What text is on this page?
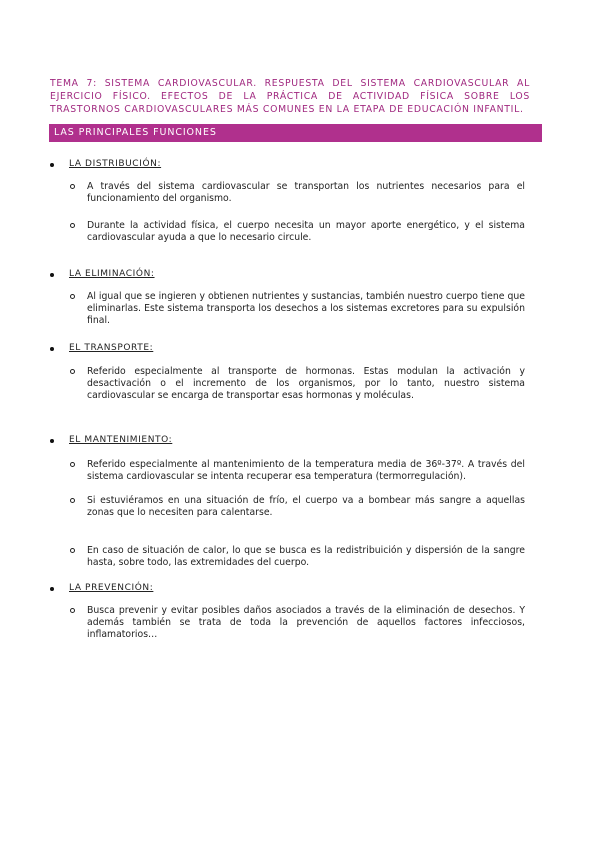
TEMA 7: SISTEMA CARDIOVASCULAR. RESPUESTA DEL SISTEMA CARDIOVASCULAR AL EJERCICIO FÍSICO. EFECTOS DE LA PRÁCTICA DE ACTIVIDAD FÍSICA SOBRE LOS TRASTORNOS CARDIOVASCULARES MÁS COMUNES EN LA ETAPA DE EDUCACIÓN INFANTIL.
LAS PRINCIPALES FUNCIONES
LA DISTRIBUCIÓN:

A través del sistema cardiovascular se transportan los nutrientes necesarios para el funcionamiento del organismo.

Durante la actividad física, el cuerpo necesita un mayor aporte energético, y el sistema cardiovascular ayuda a que lo necesario circule.

LA ELIMINACIÓN:

Al igual que se ingieren y obtienen nutrientes y sustancias, también nuestro cuerpo tiene que eliminarlas. Este sistema transporta los desechos a los sistemas excretores para su expulsión final.

EL TRANSPORTE:

Referido especialmente al transporte de hormonas. Estas modulan la activación y desactivación o el incremento de los organismos, por lo tanto, nuestro sistema cardiovascular se encarga de transportar esas hormonas y moléculas.

EL MANTENIMIENTO:

Referido especialmente al mantenimiento de la temperatura media de 36º-37º. A través del sistema cardiovascular se intenta recuperar esa temperatura (termorregulación).

Si estuviéramos en una situación de frío, el cuerpo va a bombear más sangre a aquellas zonas que lo necesiten para calentarse.

En caso de situación de calor, lo que se busca es la redistribuición y dispersión de la sangre hasta, sobre todo, las extremidades del cuerpo.

LA PREVENCIÓN:

Busca prevenir y evitar posibles daños asociados a través de la eliminación de desechos. Y además también se trata de toda la prevención de aquellos factores infecciosos, inflamatorios…
